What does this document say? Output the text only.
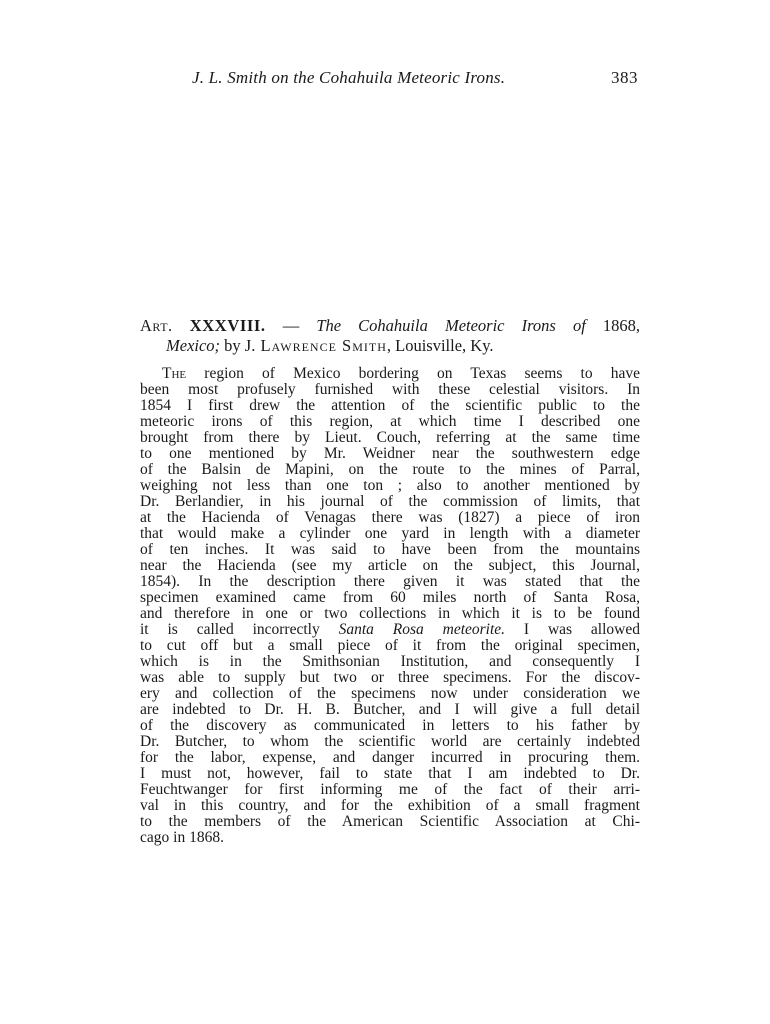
J. L. Smith on the Cohahuila Meteoric Irons.	383
Art. XXXVIII. — The Cohahuila Meteoric Irons of 1868,
Mexico; by J. Lawrence Smith, Louisville, Ky.
The region of Mexico bordering on Texas seems to have
been most profusely furnished with these celestial visitors. In
1854 I first drew the attention of the scientific public to the
meteoric irons of this region, at which time I described one
brought from there by Lieut. Couch, referring at the same time
to one mentioned by Mr. Weidner near the southwestern edge
of the Balsin de Mapini, on the route to the mines of Parral,
weighing not less than one ton ; also to another mentioned by
Dr. Berlandier, in his journal of the commission of limits, that
at the Hacienda of Venagas there was (1827) a piece of iron
that would make a cylinder one yard in length with a diameter
of ten inches. It was said to have been from the mountains
near the Hacienda (see my article on the subject, this Journal,
1854). In the description there given it was stated that the
specimen examined came from 60 miles north of Santa Rosa,
and therefore in one or two collections in which it is to be found
it is called incorrectly Santa Rosa meteorite. I was allowed
to cut off but a small piece of it from the original specimen,
which is in the Smithsonian Institution, and consequently I
was able to supply but two or three specimens. For the discov-
ery and collection of the specimens now under consideration we
are indebted to Dr. H. B. Butcher, and I will give a full detail
of the discovery as communicated in letters to his father by
Dr. Butcher, to whom the scientific world are certainly indebted
for the labor, expense, and danger incurred in procuring them.
I must not, however, fail to state that I am indebted to Dr.
Feuchtwanger for first informing me of the fact of their arri-
val in this country, and for the exhibition of a small fragment
to the members of the American Scientific Association at Chi-
cago in 1868.
